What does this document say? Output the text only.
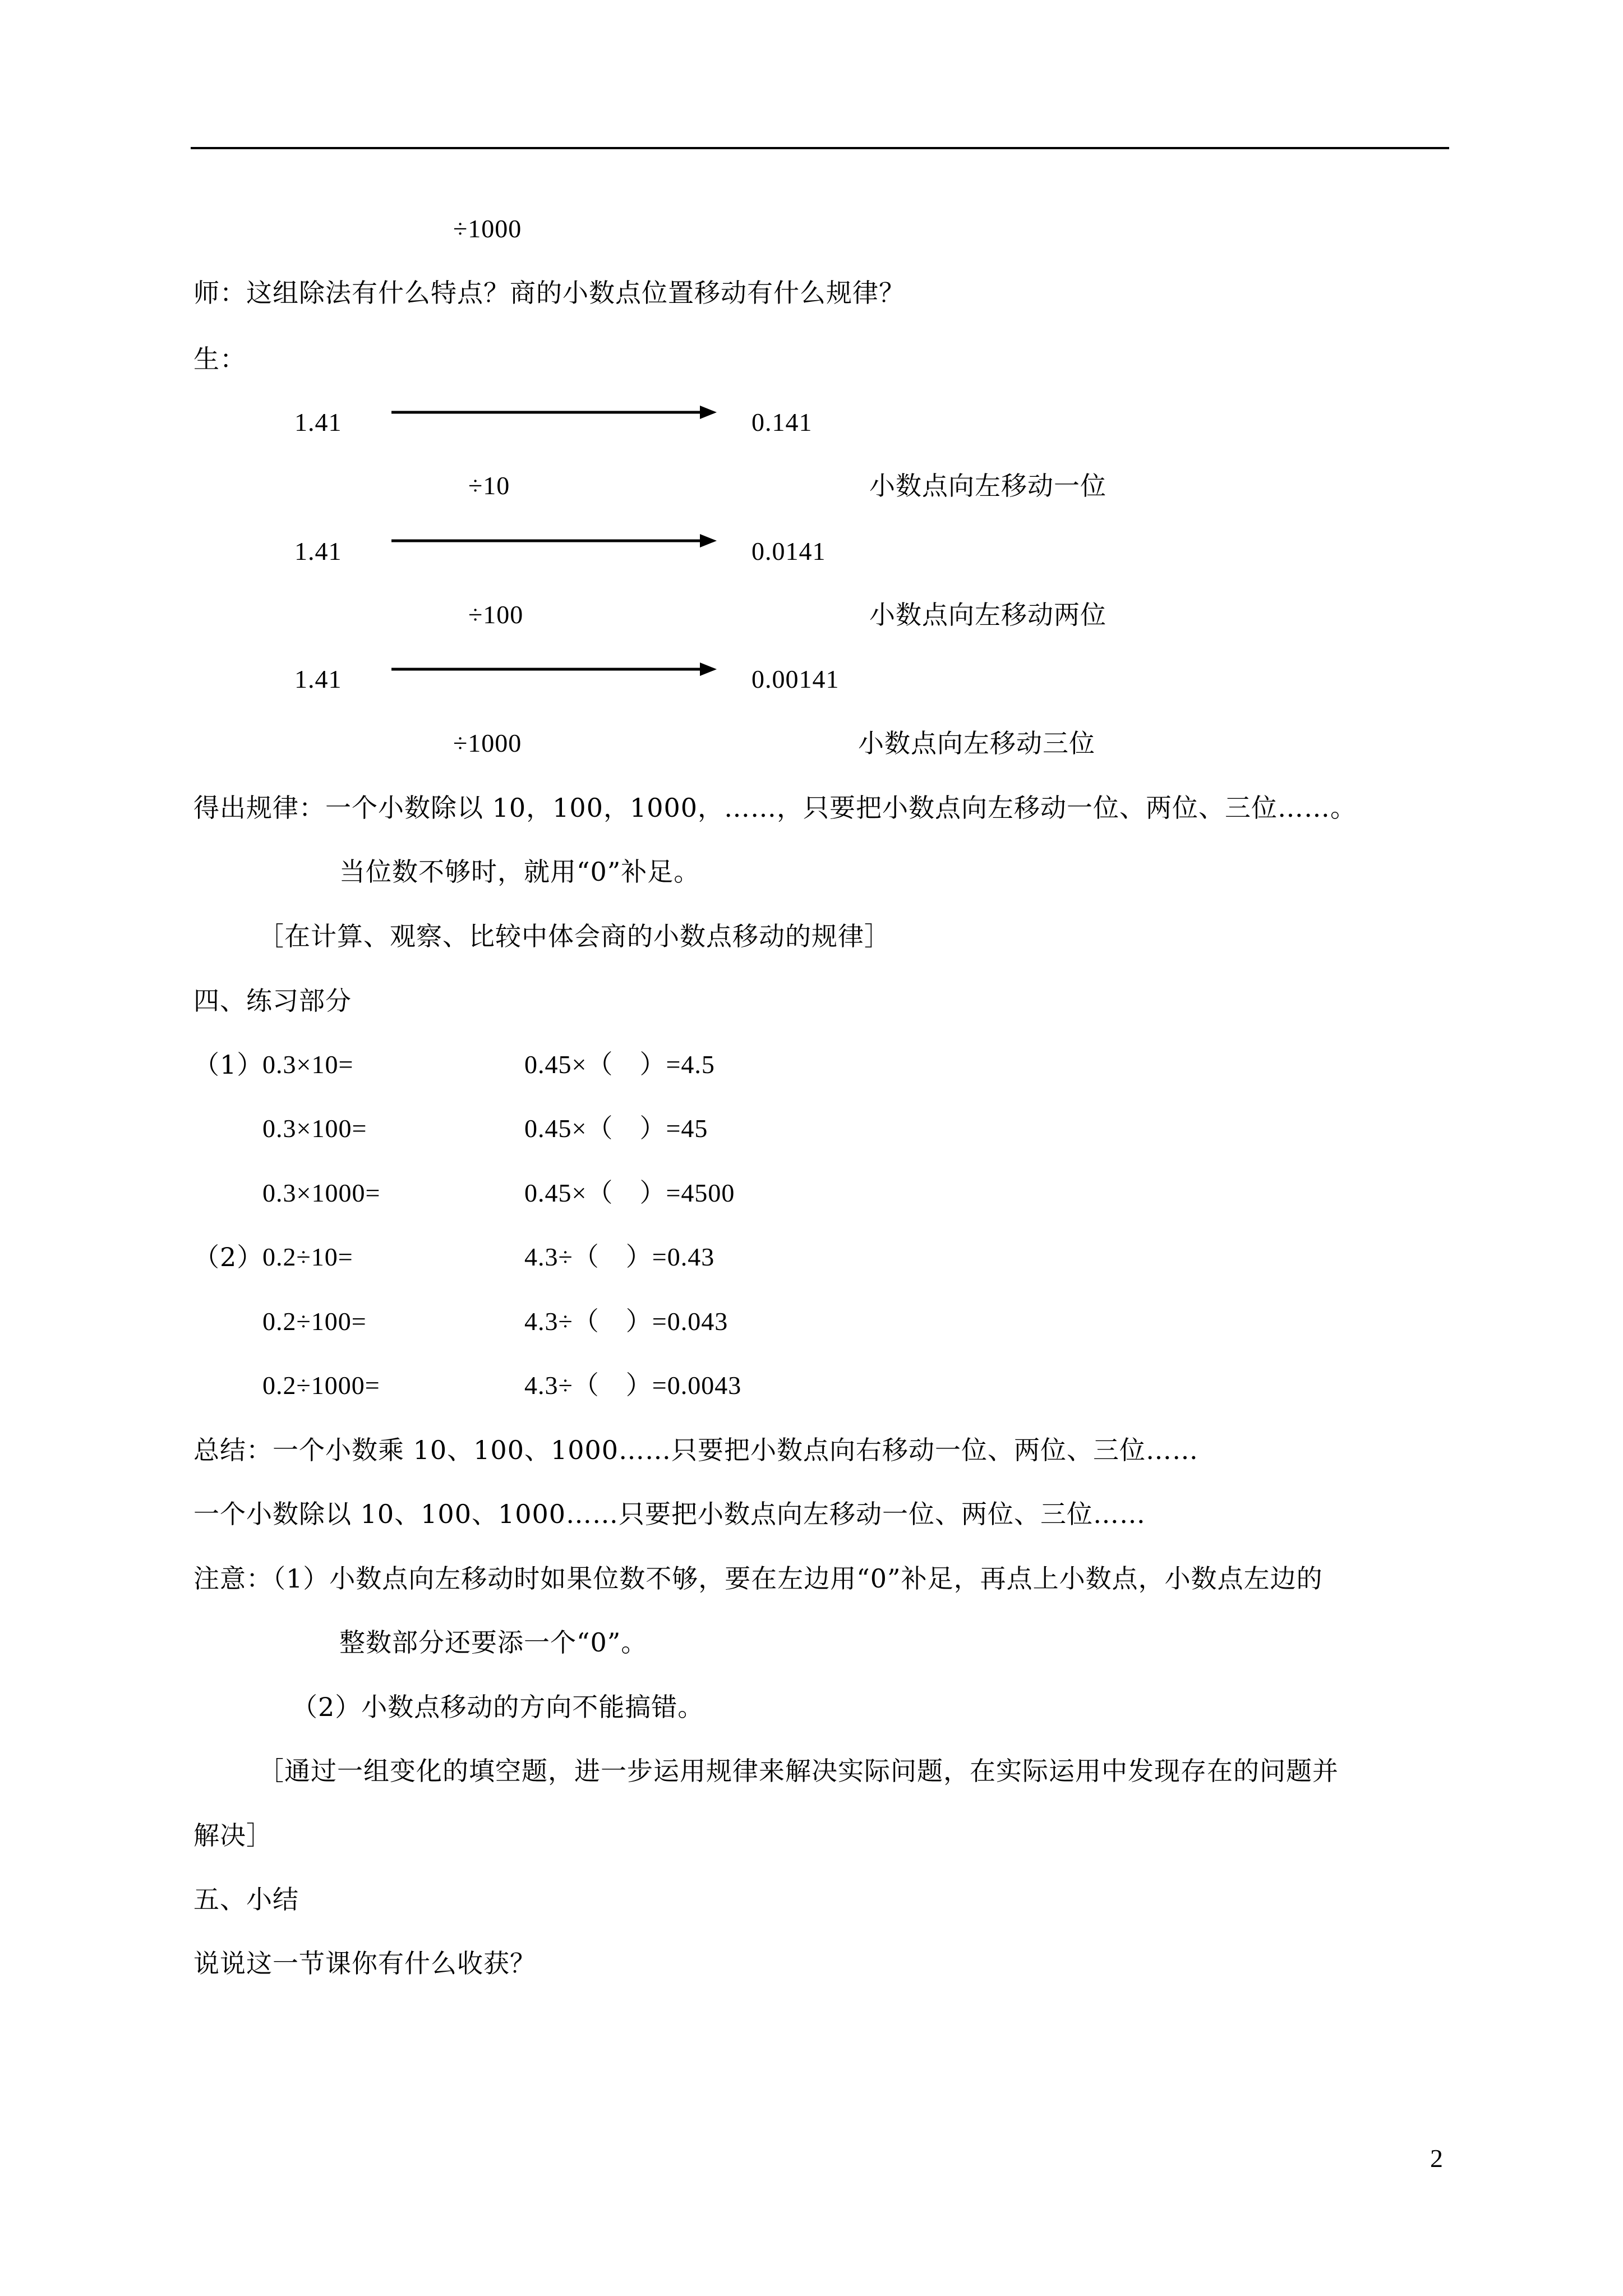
÷1000
师：这组除法有什么特点？商的小数点位置移动有什么规律？
生：
1.41	0.141
÷10	小数点向左移动一位
1.41	0.0141
÷100	小数点向左移动两位
1.41	0.00141
÷1000	小数点向左移动三位
得出规律：一个小数除以 10，100，1000，……，只要把小数点向左移动一位、两位、三位……。
当位数不够时，就用“0”补足。
［在计算、观察、比较中体会商的小数点移动的规律］
四、练习部分
（1）
0.3×10=	0.45×（　）=4.5
0.3×100=	0.45×（　）=45
0.3×1000=	0.45×（　）=4500
（2）
0.2÷10=	4.3÷（　）=0.43
0.2÷100=	4.3÷（　）=0.043
0.2÷1000=	4.3÷（　）=0.0043
总结：一个小数乘 10、100、1000……只要把小数点向右移动一位、两位、三位……
一个小数除以 10、100、1000……只要把小数点向左移动一位、两位、三位……
注意：（1）小数点向左移动时如果位数不够，要在左边用“0”补足，再点上小数点，小数点左边的
整数部分还要添一个“0”。
（2）小数点移动的方向不能搞错。
［通过一组变化的填空题，进一步运用规律来解决实际问题，在实际运用中发现存在的问题并
解决］
五、小结
说说这一节课你有什么收获？
2
